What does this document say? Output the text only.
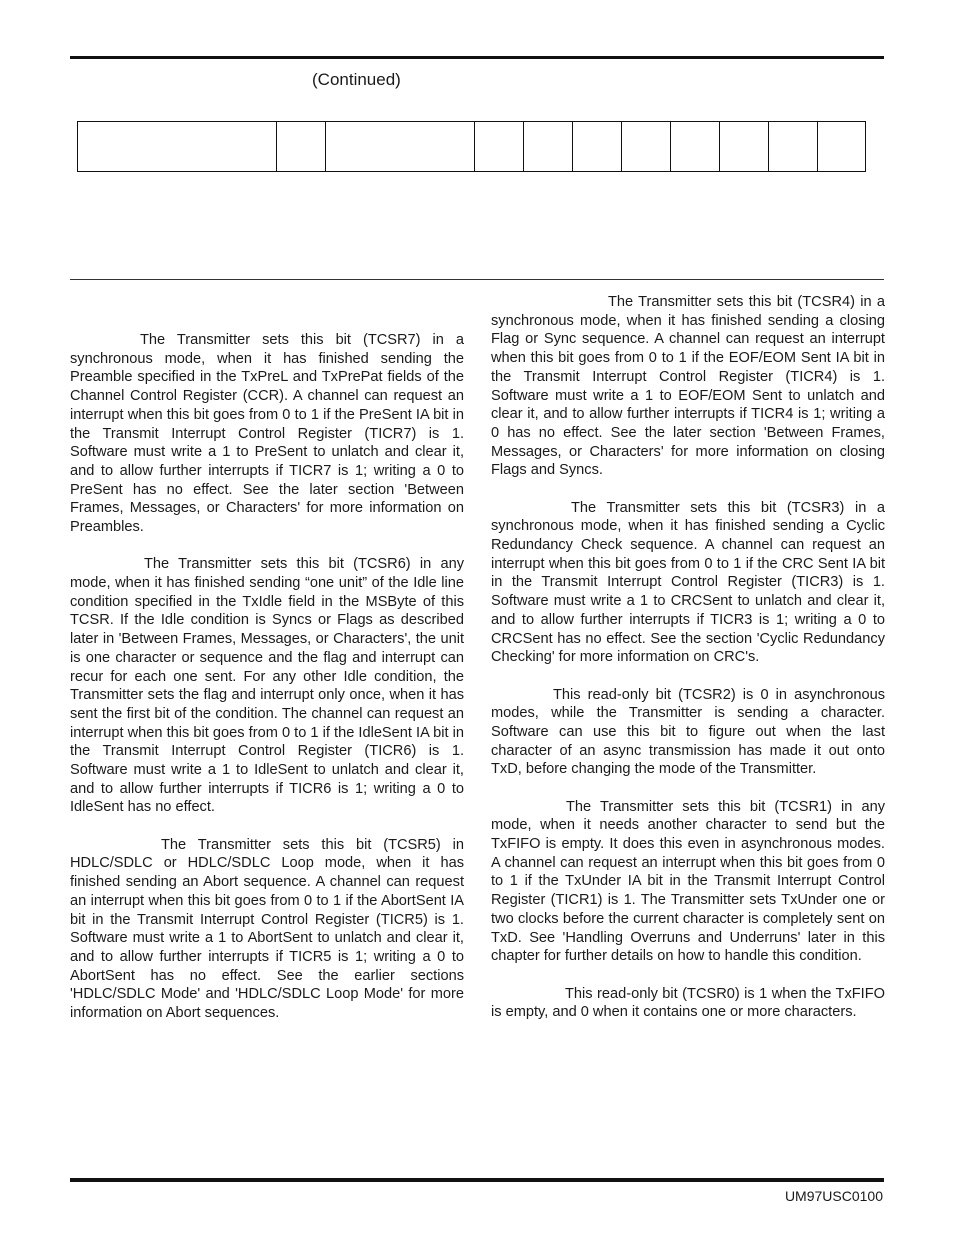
(Continued)

The Transmitter sets this bit (TCSR7) in a synchronous mode, when it has finished sending the Preamble specified in the TxPreL and TxPrePat fields of the Channel Control Register (CCR). A channel can request an interrupt when this bit goes from 0 to 1 if the PreSent IA bit in the Transmit Interrupt Control Register (TICR7) is 1. Software must write a 1 to PreSent to unlatch and clear it, and to allow further interrupts if TICR7 is 1; writing a 0 to PreSent has no effect. See the later section 'Between Frames, Messages, or Characters' for more information on Preambles.

The Transmitter sets this bit (TCSR6) in any mode, when it has finished sending “one unit” of the Idle line condition specified in the TxIdle field in the MSByte of this TCSR. If the Idle condition is Syncs or Flags as described later in 'Between Frames, Messages, or Characters', the unit is one character or sequence and the flag and interrupt can recur for each one sent. For any other Idle condition, the Transmitter sets the flag and interrupt only once, when it has sent the first bit of the condition. The channel can request an interrupt when this bit goes from 0 to 1 if the IdleSent IA bit in the Transmit Interrupt Control Register (TICR6) is 1. Software must write a 1 to IdleSent to unlatch and clear it, and to allow further interrupts if TICR6 is 1; writing a 0 to IdleSent has no effect.

The Transmitter sets this bit (TCSR5) in HDLC/SDLC or HDLC/SDLC Loop mode, when it has finished sending an Abort sequence. A channel can request an interrupt when this bit goes from 0 to 1 if the AbortSent IA bit in the Transmit Interrupt Control Register (TICR5) is 1. Software must write a 1 to AbortSent to unlatch and clear it, and to allow further interrupts if TICR5 is 1; writing a 0 to AbortSent has no effect. See the earlier sections 'HDLC/SDLC Mode' and 'HDLC/SDLC Loop Mode' for more information on Abort sequences.

The Transmitter sets this bit (TCSR4) in a synchronous mode, when it has finished sending a closing Flag or Sync sequence. A channel can request an interrupt when this bit goes from 0 to 1 if the EOF/EOM Sent IA bit in the Transmit Interrupt Control Register (TICR4) is 1. Software must write a 1 to EOF/EOM Sent to unlatch and clear it, and to allow further interrupts if TICR4 is 1; writing a 0 has no effect. See the later section 'Between Frames, Messages, or Characters' for more information on closing Flags and Syncs.

The Transmitter sets this bit (TCSR3) in a synchronous mode, when it has finished sending a Cyclic Redundancy Check sequence. A channel can request an interrupt when this bit goes from 0 to 1 if the CRC Sent IA bit in the Transmit Interrupt Control Register (TICR3) is 1. Software must write a 1 to CRCSent to unlatch and clear it, and to allow further interrupts if TICR3 is 1; writing a 0 to CRCSent has no effect. See the section 'Cyclic Redundancy Checking' for more information on CRC's.

This read-only bit (TCSR2) is 0 in asynchronous modes, while the Transmitter is sending a character. Software can use this bit to figure out when the last character of an async transmission has made it out onto TxD, before changing the mode of the Transmitter.

The Transmitter sets this bit (TCSR1) in any mode, when it needs another character to send but the TxFIFO is empty. It does this even in asynchronous modes. A channel can request an interrupt when this bit goes from 0 to 1 if the TxUnder IA bit in the Transmit Interrupt Control Register (TICR1) is 1. The Transmitter sets TxUnder one or two clocks before the current character is completely sent on TxD. See 'Handling Overruns and Underruns' later in this chapter for further details on how to handle this condition.

This read-only bit (TCSR0) is 1 when the TxFIFO is empty, and 0 when it contains one or more characters.

UM97USC0100
